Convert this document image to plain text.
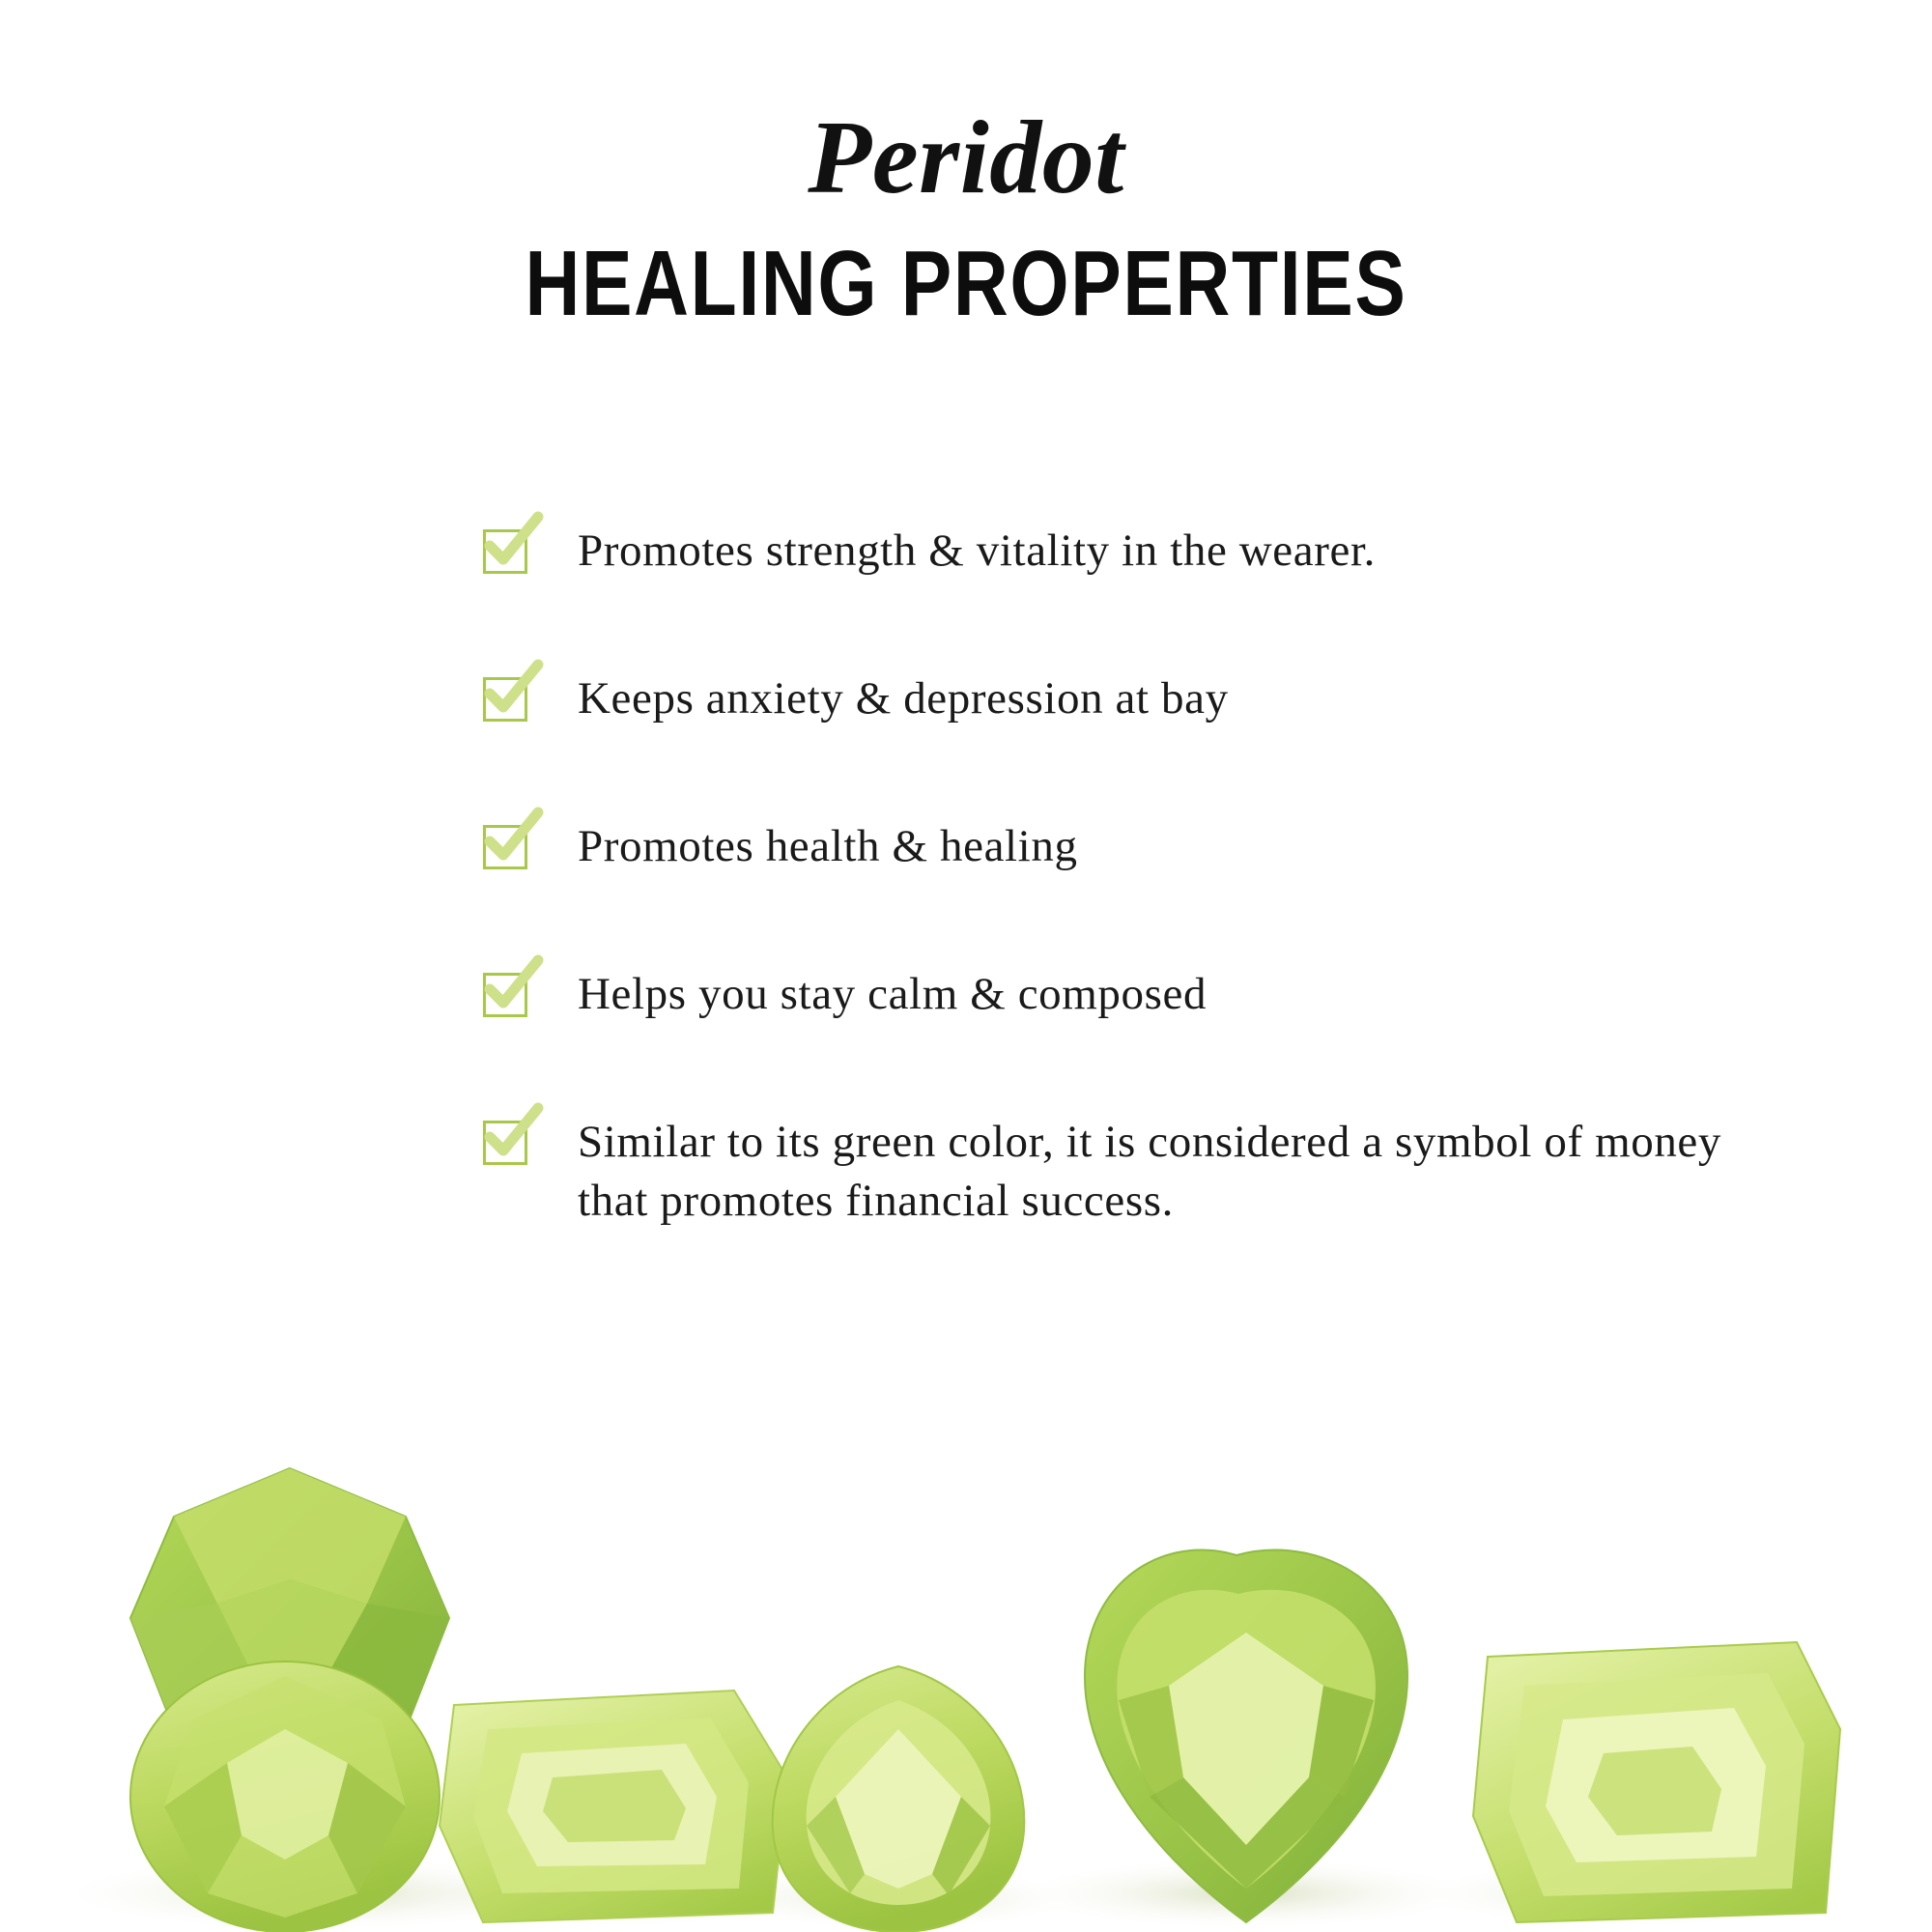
Peridot
HEALING PROPERTIES
Promotes strength & vitality in the wearer.
Keeps anxiety & depression at bay
Promotes health & healing
Helps you stay calm & composed
Similar to its green color, it is considered a symbol of money that promotes financial success.
